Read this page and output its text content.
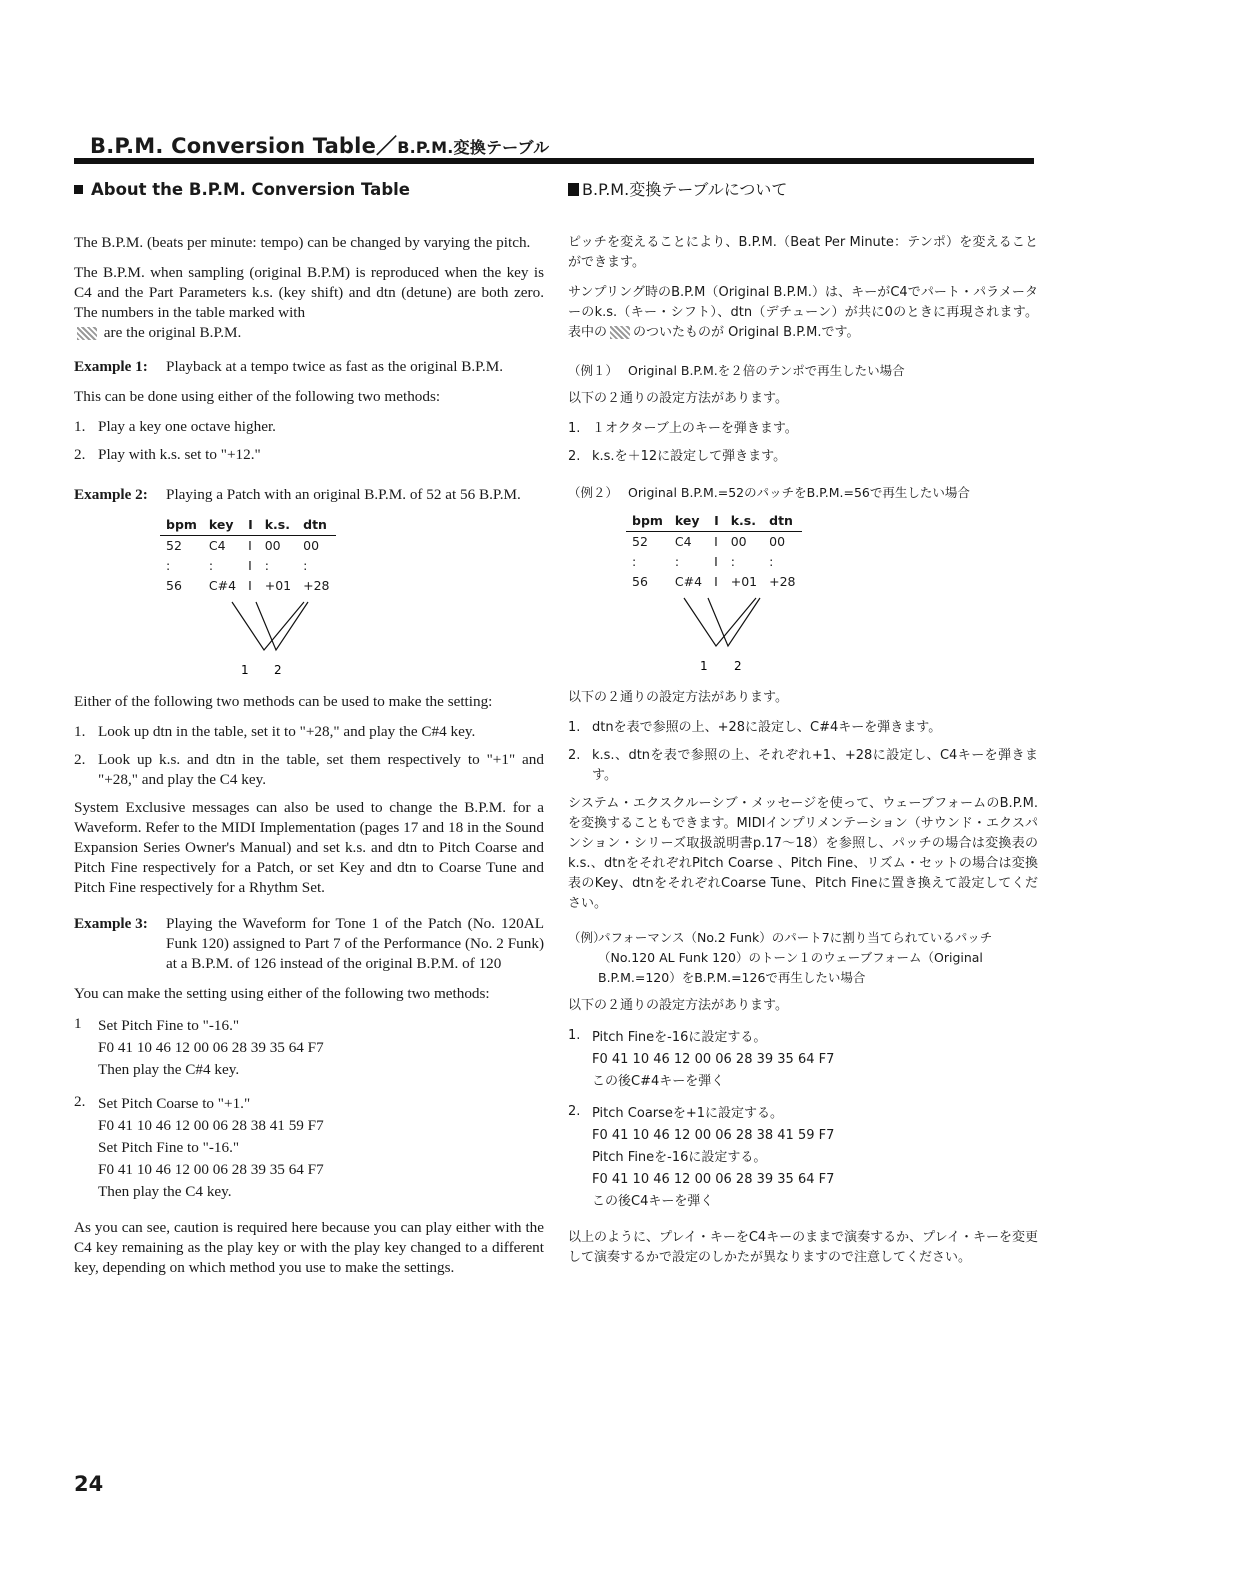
B.P.M. Conversion Table／B.P.M.変換テーブル
About the B.P.M. Conversion Table

The B.P.M. (beats per minute: tempo) can be changed by varying the pitch.

The B.P.M. when sampling (original B.P.M) is reproduced when the key is C4 and the Part Parameters k.s. (key shift) and dtn (detune) are both zero. The numbers in the table marked with
are the original B.P.M.

Example 1:	Playback at a tempo twice as fast as the original B.P.M.

This can be done using either of the following two methods:

1. Play a key one octave higher.
2. Play with k.s. set to "+12."
Example 2:	Playing a Patch with an original B.P.M. of 52 at 56 B.P.M.
bpm	key	I	k.s.	dtn
52	C4	I	00	00
:	:	I	:	:
56	C#4	I	+01	+28
1 2

Either of the following two methods can be used to make the setting:

1. Look up dtn in the table, set it to "+28," and play the C#4 key.
2. Look up k.s. and dtn in the table, set them respectively to "+1" and "+28," and play the C4 key.

System Exclusive messages can also be used to change the B.P.M. for a Waveform. Refer to the MIDI Implementation (pages 17 and 18 in the Sound Expansion Series Owner's Manual) and set k.s. and dtn to Pitch Coarse and Pitch Fine respectively for a Patch, or set Key and dtn to Coarse Tune and Pitch Fine respectively for a Rhythm Set.

Example 3:	Playing the Waveform for Tone 1 of the Patch (No. 120AL Funk 120) assigned to Part 7 of the Performance (No. 2 Funk) at a B.P.M. of 126 instead of the original B.P.M. of 120

You can make the setting using either of the following two methods:

1	Set Pitch Fine to "-16."
F0 41 10 46 12 00 06 28 39 35 64 F7
Then play the C#4 key.
2. Set Pitch Coarse to "+1."
F0 41 10 46 12 00 06 28 38 41 59 F7
Set Pitch Fine to "-16."
F0 41 10 46 12 00 06 28 39 35 64 F7
Then play the C4 key.

As you can see, caution is required here because you can play either with the C4 key remaining as the play key or with the play key changed to a different key, depending on which method you use to make the settings.

B.P.M.変換テーブルについて

ピッチを変えることにより、B.P.M.（Beat Per Minute：テンポ）を変えることができます。

サンプリング時のB.P.M（Original B.P.M.）は、キーがC4でパート・パラメーターのk.s.（キー・シフト）、dtn（デチューン）が共に0のときに再現されます。表中の のついたものが Original B.P.M.です。

（例１） Original B.P.M.を２倍のテンポで再生したい場合

以下の２通りの設定方法があります。

1. １オクターブ上のキーを弾きます。
2. k.s.を＋12に設定して弾きます。
（例２） Original B.P.M.=52のパッチをB.P.M.=56で再生したい場合
bpm	key	I	k.s.	dtn
52	C4	I	00	00
:	:	I	:	:
56	C#4	I	+01	+28
1 2

以下の２通りの設定方法があります。

1. dtnを表で参照の上、+28に設定し、C#4キーを弾きます。
2. k.s.、dtnを表で参照の上、それぞれ+1、+28に設定し、C4キーを弾きます。

システム・エクスクルーシブ・メッセージを使って、ウェーブフォームのB.P.M.を変換することもできます。MIDIインプリメンテーション（サウンド・エクスパンション・シリーズ取扱説明書p.17〜18）を参照し、パッチの場合は変換表のk.s.、dtnをそれぞれPitch Coarse 、Pitch Fine、リズム・セットの場合は変換表のKey、dtnをそれぞれCoarse Tune、Pitch Fineに置き換えて設定してください。

（例）
パフォーマンス（No.2 Funk）のパート7に割り当てられているパッチ（No.120 AL Funk 120）のトーン１のウェーブフォーム（Original B.P.M.=120）をB.P.M.=126で再生したい場合

以下の２通りの設定方法があります。

1. Pitch Fineを-16に設定する。
F0 41 10 46 12 00 06 28 39 35 64 F7
この後C#4キーを弾く
2. Pitch Coarseを+1に設定する。
F0 41 10 46 12 00 06 28 38 41 59 F7
Pitch Fineを-16に設定する。
F0 41 10 46 12 00 06 28 39 35 64 F7
この後C4キーを弾く

以上のように、プレイ・キーをC4キーのままで演奏するか、プレイ・キーを変更して演奏するかで設定のしかたが異なりますので注意してください。

24
